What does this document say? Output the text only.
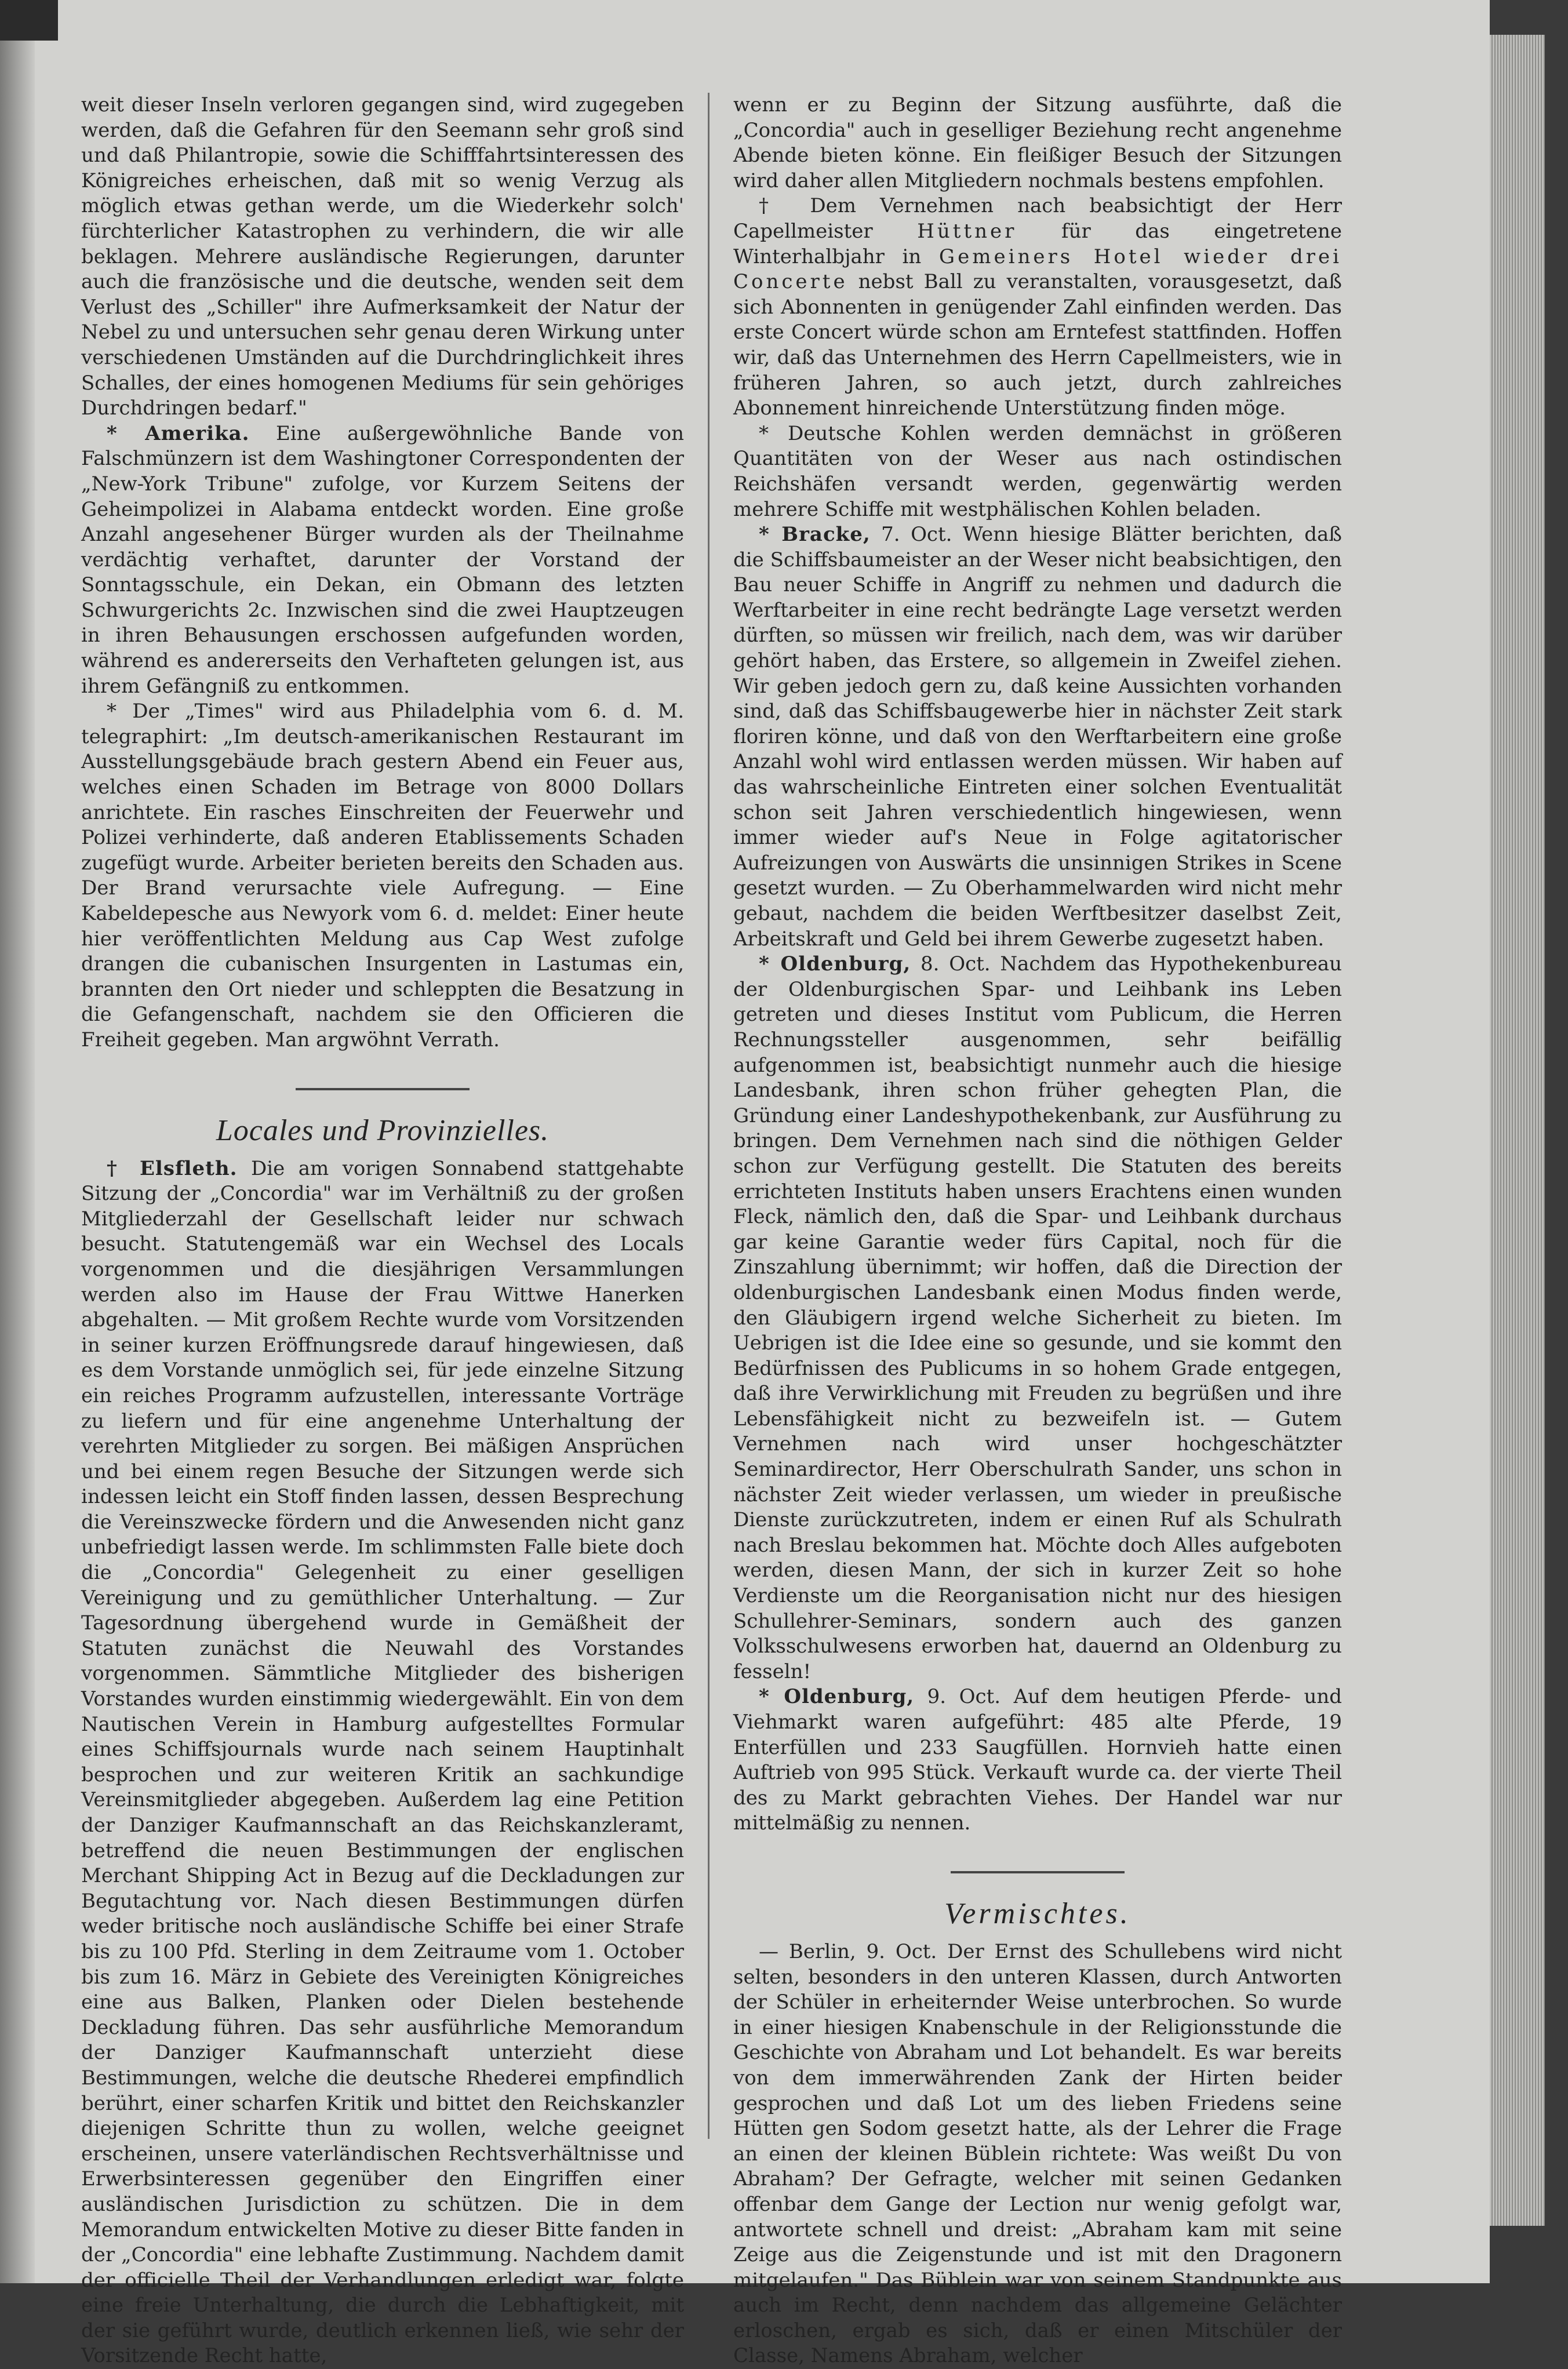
weit dieser Inseln verloren gegangen sind, wird zugegeben werden, daß die Gefahren für den Seemann sehr groß sind und daß Philantropie, sowie die Schifffahrtsinteressen des Königreiches erheischen, daß mit so wenig Verzug als möglich etwas gethan werde, um die Wiederkehr solch' fürchterlicher Katastrophen zu verhindern, die wir alle beklagen. Mehrere ausländische Regierungen, darunter auch die französische und die deutsche, wenden seit dem Verlust des „Schiller" ihre Aufmerksamkeit der Natur der Nebel zu und untersuchen sehr genau deren Wirkung unter verschiedenen Umständen auf die Durchdringlichkeit ihres Schalles, der eines homogenen Mediums für sein gehöriges Durchdringen bedarf."

* Amerika. Eine außergewöhnliche Bande von Falschmünzern ist dem Washingtoner Correspondenten der „New-York Tribune" zufolge, vor Kurzem Seitens der Geheimpolizei in Alabama entdeckt worden. Eine große Anzahl angesehener Bürger wurden als der Theilnahme verdächtig verhaftet, darunter der Vorstand der Sonntagsschule, ein Dekan, ein Obmann des letzten Schwurgerichts 2c. Inzwischen sind die zwei Hauptzeugen in ihren Behausungen erschossen aufgefunden worden, während es andererseits den Verhafteten gelungen ist, aus ihrem Gefängniß zu entkommen.

* Der „Times" wird aus Philadelphia vom 6. d. M. telegraphirt: „Im deutsch-amerikanischen Restaurant im Ausstellungsgebäude brach gestern Abend ein Feuer aus, welches einen Schaden im Betrage von 8000 Dollars anrichtete. Ein rasches Einschreiten der Feuerwehr und Polizei verhinderte, daß anderen Etablissements Schaden zugefügt wurde. Arbeiter berieten bereits den Schaden aus. Der Brand verursachte viele Aufregung. — Eine Kabeldepesche aus Newyork vom 6. d. meldet: Einer heute hier veröffentlichten Meldung aus Cap West zufolge drangen die cubanischen Insurgenten in Lastumas ein, brannten den Ort nieder und schleppten die Besatzung in die Gefangenschaft, nachdem sie den Officieren die Freiheit gegeben. Man argwöhnt Verrath.

Locales und Provinzielles.

† Elsfleth. Die am vorigen Sonnabend stattgehabte Sitzung der „Concordia" war im Verhältniß zu der großen Mitgliederzahl der Gesellschaft leider nur schwach besucht. Statutengemäß war ein Wechsel des Locals vorgenommen und die diesjährigen Versammlungen werden also im Hause der Frau Wittwe Hanerken abgehalten. — Mit großem Rechte wurde vom Vorsitzenden in seiner kurzen Eröffnungsrede darauf hingewiesen, daß es dem Vorstande unmöglich sei, für jede einzelne Sitzung ein reiches Programm aufzustellen, interessante Vorträge zu liefern und für eine angenehme Unterhaltung der verehrten Mitglieder zu sorgen. Bei mäßigen Ansprüchen und bei einem regen Besuche der Sitzungen werde sich indessen leicht ein Stoff finden lassen, dessen Besprechung die Vereinszwecke fördern und die Anwesenden nicht ganz unbefriedigt lassen werde. Im schlimmsten Falle biete doch die „Concordia" Gelegenheit zu einer geselligen Vereinigung und zu gemüthlicher Unterhaltung. — Zur Tagesordnung übergehend wurde in Gemäßheit der Statuten zunächst die Neuwahl des Vorstandes vorgenommen. Sämmtliche Mitglieder des bisherigen Vorstandes wurden einstimmig wiedergewählt. Ein von dem Nautischen Verein in Hamburg aufgestelltes Formular eines Schiffsjournals wurde nach seinem Hauptinhalt besprochen und zur weiteren Kritik an sachkundige Vereinsmitglieder abgegeben. Außerdem lag eine Petition der Danziger Kaufmannschaft an das Reichskanzleramt, betreffend die neuen Bestimmungen der englischen Merchant Shipping Act in Bezug auf die Deckladungen zur Begutachtung vor. Nach diesen Bestimmungen dürfen weder britische noch ausländische Schiffe bei einer Strafe bis zu 100 Pfd. Sterling in dem Zeitraume vom 1. October bis zum 16. März in Gebiete des Vereinigten Königreiches eine aus Balken, Planken oder Dielen bestehende Deckladung führen. Das sehr ausführliche Memorandum der Danziger Kaufmannschaft unterzieht diese Bestimmungen, welche die deutsche Rhederei empfindlich berührt, einer scharfen Kritik und bittet den Reichskanzler diejenigen Schritte thun zu wollen, welche geeignet erscheinen, unsere vaterländischen Rechtsverhältnisse und Erwerbsinteressen gegenüber den Eingriffen einer ausländischen Jurisdiction zu schützen. Die in dem Memorandum entwickelten Motive zu dieser Bitte fanden in der „Concordia" eine lebhafte Zustimmung. Nachdem damit der officielle Theil der Verhandlungen erledigt war, folgte eine freie Unterhaltung, die durch die Lebhaftigkeit, mit der sie geführt wurde, deutlich erkennen ließ, wie sehr der Vorsitzende Recht hatte,

wenn er zu Beginn der Sitzung ausführte, daß die „Concordia" auch in geselliger Beziehung recht angenehme Abende bieten könne. Ein fleißiger Besuch der Sitzungen wird daher allen Mitgliedern nochmals bestens empfohlen.

† Dem Vernehmen nach beabsichtigt der Herr Capellmeister Hüttner für das eingetretene Winterhalbjahr in Gemeiners Hotel wieder drei Concerte nebst Ball zu veranstalten, vorausgesetzt, daß sich Abonnenten in genügender Zahl einfinden werden. Das erste Concert würde schon am Erntefest stattfinden. Hoffen wir, daß das Unternehmen des Herrn Capellmeisters, wie in früheren Jahren, so auch jetzt, durch zahlreiches Abonnement hinreichende Unterstützung finden möge.

* Deutsche Kohlen werden demnächst in größeren Quantitäten von der Weser aus nach ostindischen Reichshäfen versandt werden, gegenwärtig werden mehrere Schiffe mit westphälischen Kohlen beladen.

* Bracke, 7. Oct. Wenn hiesige Blätter berichten, daß die Schiffsbaumeister an der Weser nicht beabsichtigen, den Bau neuer Schiffe in Angriff zu nehmen und dadurch die Werftarbeiter in eine recht bedrängte Lage versetzt werden dürften, so müssen wir freilich, nach dem, was wir darüber gehört haben, das Erstere, so allgemein in Zweifel ziehen. Wir geben jedoch gern zu, daß keine Aussichten vorhanden sind, daß das Schiffsbaugewerbe hier in nächster Zeit stark floriren könne, und daß von den Werftarbeitern eine große Anzahl wohl wird entlassen werden müssen. Wir haben auf das wahrscheinliche Eintreten einer solchen Eventualität schon seit Jahren verschiedentlich hingewiesen, wenn immer wieder auf's Neue in Folge agitatorischer Aufreizungen von Auswärts die unsinnigen Strikes in Scene gesetzt wurden. — Zu Oberhammelwarden wird nicht mehr gebaut, nachdem die beiden Werftbesitzer daselbst Zeit, Arbeitskraft und Geld bei ihrem Gewerbe zugesetzt haben.

* Oldenburg, 8. Oct. Nachdem das Hypothekenbureau der Oldenburgischen Spar- und Leihbank ins Leben getreten und dieses Institut vom Publicum, die Herren Rechnungssteller ausgenommen, sehr beifällig aufgenommen ist, beabsichtigt nunmehr auch die hiesige Landesbank, ihren schon früher gehegten Plan, die Gründung einer Landeshypothekenbank, zur Ausführung zu bringen. Dem Vernehmen nach sind die nöthigen Gelder schon zur Verfügung gestellt. Die Statuten des bereits errichteten Instituts haben unsers Erachtens einen wunden Fleck, nämlich den, daß die Spar- und Leihbank durchaus gar keine Garantie weder fürs Capital, noch für die Zinszahlung übernimmt; wir hoffen, daß die Direction der oldenburgischen Landesbank einen Modus finden werde, den Gläubigern irgend welche Sicherheit zu bieten. Im Uebrigen ist die Idee eine so gesunde, und sie kommt den Bedürfnissen des Publicums in so hohem Grade entgegen, daß ihre Verwirklichung mit Freuden zu begrüßen und ihre Lebensfähigkeit nicht zu bezweifeln ist. — Gutem Vernehmen nach wird unser hochgeschätzter Seminardirector, Herr Oberschulrath Sander, uns schon in nächster Zeit wieder verlassen, um wieder in preußische Dienste zurückzutreten, indem er einen Ruf als Schulrath nach Breslau bekommen hat. Möchte doch Alles aufgeboten werden, diesen Mann, der sich in kurzer Zeit so hohe Verdienste um die Reorganisation nicht nur des hiesigen Schullehrer-Seminars, sondern auch des ganzen Volksschulwesens erworben hat, dauernd an Oldenburg zu fesseln!

* Oldenburg, 9. Oct. Auf dem heutigen Pferde- und Viehmarkt waren aufgeführt: 485 alte Pferde, 19 Enterfüllen und 233 Saugfüllen. Hornvieh hatte einen Auftrieb von 995 Stück. Verkauft wurde ca. der vierte Theil des zu Markt gebrachten Viehes. Der Handel war nur mittelmäßig zu nennen.

Vermischtes.

— Berlin, 9. Oct. Der Ernst des Schullebens wird nicht selten, besonders in den unteren Klassen, durch Antworten der Schüler in erheiternder Weise unterbrochen. So wurde in einer hiesigen Knabenschule in der Religionsstunde die Geschichte von Abraham und Lot behandelt. Es war bereits von dem immerwährenden Zank der Hirten beider gesprochen und daß Lot um des lieben Friedens seine Hütten gen Sodom gesetzt hatte, als der Lehrer die Frage an einen der kleinen Büblein richtete: Was weißt Du von Abraham? Der Gefragte, welcher mit seinen Gedanken offenbar dem Gange der Lection nur wenig gefolgt war, antwortete schnell und dreist: „Abraham kam mit seine Zeige aus die Zeigenstunde und ist mit den Dragonern mitgelaufen." Das Büblein war von seinem Standpunkte aus auch im Recht, denn nachdem das allgemeine Gelächter erloschen, ergab es sich, daß er einen Mitschüler der Classe, Namens Abraham, welcher
